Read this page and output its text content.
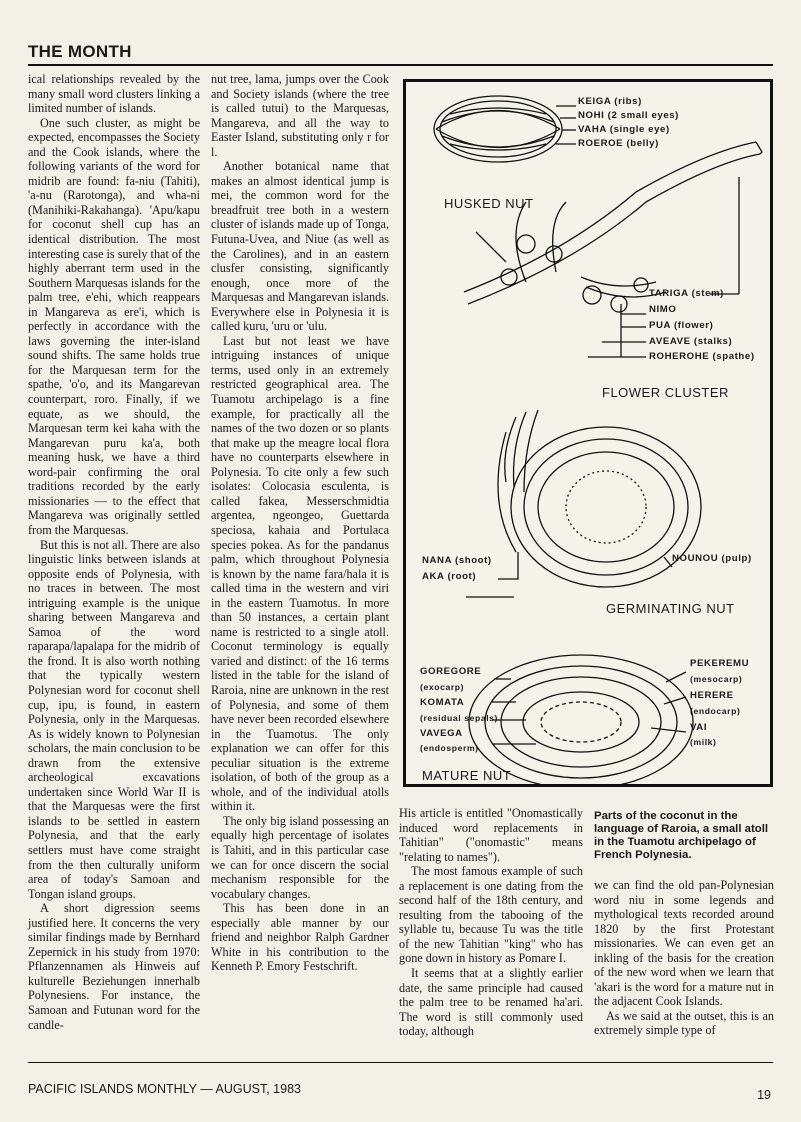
THE MONTH

ical relationships revealed by the many small word clusters linking a limited number of islands.

One such cluster, as might be expected, encompasses the Society and the Cook islands, where the following variants of the word for midrib are found: fa-niu (Tahiti), 'a-nu (Rarotonga), and wha-ni (Manihiki-Rakahanga). 'Apu/kapu for coconut shell cup has an identical distribution. The most interesting case is surely that of the highly aberrant term used in the Southern Marquesas islands for the palm tree, e'ehi, which reappears in Mangareva as ere'i, which is perfectly in accordance with the laws governing the inter-island sound shifts. The same holds true for the Marquesan term for the spathe, 'o'o, and its Mangarevan counterpart, roro. Finally, if we equate, as we should, the Marquesan term kei kaha with the Mangarevan puru ka'a, both meaning husk, we have a third word-pair confirming the oral traditions recorded by the early missionaries — to the effect that Mangareva was originally settled from the Marquesas.

But this is not all. There are also linguistic links between islands at opposite ends of Polynesia, with no traces in between. The most intriguing example is the unique sharing between Mangareva and Samoa of the word raparapa/lapalapa for the midrib of the frond. It is also worth nothing that the typically western Polynesian word for coconut shell cup, ipu, is found, in eastern Polynesia, only in the Marquesas. As is widely known to Polynesian scholars, the main conclusion to be drawn from the extensive archeological excavations undertaken since World War II is that the Marquesas were the first islands to be settled in eastern Polynesia, and that the early settlers must have come straight from the then culturally uniform area of today's Samoan and Tongan island groups.

A short digression seems justified here. It concerns the very similar findings made by Bernhard Zepernick in his study from 1970: Pflanzennamen als Hinweis auf kulturelle Beziehungen innerhalb Polynesiens. For instance, the Samoan and Futunan word for the candle-

nut tree, lama, jumps over the Cook and Society islands (where the tree is called tutui) to the Marquesas, Mangareva, and all the way to Easter Island, substituting only r for l.

Another botanical name that makes an almost identical jump is mei, the common word for the breadfruit tree both in a western cluster of islands made up of Tonga, Futuna-Uvea, and Niue (as well as the Carolines), and in an eastern clusfer consisting, significantly enough, once more of the Marquesas and Mangarevan islands. Everywhere else in Polynesia it is called kuru, 'uru or 'ulu.

Last but not least we have intriguing instances of unique terms, used only in an extremely restricted geographical area. The Tuamotu archipelago is a fine example, for practically all the names of the two dozen or so plants that make up the meagre local flora have no counterparts elsewhere in Polynesia. To cite only a few such isolates: Colocasia esculenta, is called fakea, Messerschmidtia argentea, ngeongeo, Guettarda speciosa, kahaia and Portulaca species pokea. As for the pandanus palm, which throughout Polynesia is known by the name fara/hala it is called tima in the western and viri in the eastern Tuamotus. In more than 50 instances, a certain plant name is restricted to a single atoll. Coconut terminology is equally varied and distinct: of the 16 terms listed in the table for the island of Raroia, nine are unknown in the rest of Polynesia, and some of them have never been recorded elsewhere in the Tuamotus. The only explanation we can offer for this peculiar situation is the extreme isolation, of both of the group as a whole, and of the individual atolls within it.

The only big island possessing an equally high percentage of isolates is Tahiti, and in this particular case we can for once discern the social mechanism responsible for the vocabulary changes.

This has been done in an especially able manner by our friend and neighbor Ralph Gardner White in his contribution to the Kenneth P. Emory Festschrift.

KEIGA (ribs)
NOHI (2 small eyes)
VAHA (single eye)
ROEROE (belly)
HUSKED NUT
TARIGA (stem)
NIMO
PUA (flower)
AVEAVE (stalks)
ROHEROHE (spathe)
FLOWER CLUSTER
NANA (shoot)
AKA (root)
NOUNOU (pulp)
GERMINATING NUT
GOREGORE
(exocarp)
KOMATA
(residual sepals)
VAVEGA
(endosperm)
PEKEREMU
(mesocarp)
HERERE
(endocarp)
VAI
(milk)
MATURE NUT

His article is entitled "Onomastically induced word replacements in Tahitian" ("onomastic" means "relating to names").

The most famous example of such a replacement is one dating from the second half of the 18th century, and resulting from the tabooing of the syllable tu, because Tu was the title of the new Tahitian "king" who has gone down in history as Pomare I.

It seems that at a slightly earlier date, the same principle had caused the palm tree to be renamed ha'ari. The word is still commonly used today, although

Parts of the coconut in the language of Raroia, a small atoll in the Tuamotu archipelago of French Polynesia.

we can find the old pan-Polynesian word niu in some legends and mythological texts recorded around 1820 by the first Protestant missionaries. We can even get an inkling of the basis for the creation of the new word when we learn that 'akari is the word for a mature nut in the adjacent Cook Islands.

As we said at the outset, this is an extremely simple type of

PACIFIC ISLANDS MONTHLY — AUGUST, 1983	19
